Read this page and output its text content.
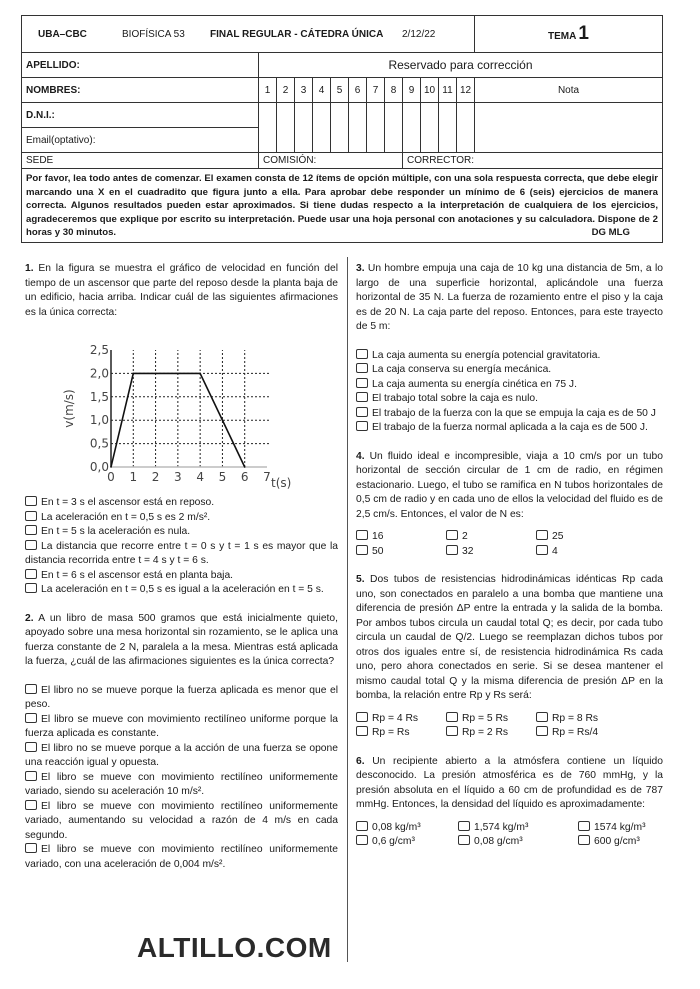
UBA–CBC BIOFÍSICA 53 FINAL REGULAR - CÁTEDRA ÚNICA 2/12/22													TEMA 1
APELLIDO:	Reservado para corrección												
NOMBRES:	1	2	3	4	5	6	7	8	9	10	11	12	Nota
D.N.I.:													
Email(optativo):													
SEDE	COMISIÓN:								CORRECTOR:				
Por favor, lea todo antes de comenzar. El examen consta de 12 ítems de opción múltiple, con una sola respuesta correcta, que debe elegir marcando una X en el cuadradito que figura junto a ella. Para aprobar debe responder un mínimo de 6 (seis) ejercicios de manera correcta. Algunos resultados pueden estar aproximados. Si tiene dudas respecto a la interpretación de cualquiera de los ejercicios, agradeceremos que explique por escrito su interpretación. Puede usar una hoja personal con anotaciones y su calculadora. Dispone de 2 horas y 30 minutos. DG MLG													

1. En la figura se muestra el gráfico de velocidad en función del tiempo de un ascensor que parte del reposo desde la planta baja de un edificio, hacia arriba. Indicar cuál de las siguientes afirmaciones es la única correcta:

En t = 3 s el ascensor está en reposo.

La aceleración en t = 0,5 s es 2 m/s².

En t = 5 s la aceleración es nula.

La distancia que recorre entre t = 0 s y t = 1 s es mayor que la distancia recorrida entre t = 4 s y t = 6 s.

En t = 6 s el ascensor está en planta baja.

La aceleración en t = 0,5 s es igual a la aceleración en t = 5 s.

2. A un libro de masa 500 gramos que está inicialmente quieto, apoyado sobre una mesa horizontal sin rozamiento, se le aplica una fuerza constante de 2 N, paralela a la mesa. Mientras está aplicada la fuerza, ¿cuál de las afirmaciones siguientes es la única correcta?

El libro no se mueve porque la fuerza aplicada es menor que el peso.

El libro se mueve con movimiento rectilíneo uniforme porque la fuerza aplicada es constante.

El libro no se mueve porque a la acción de una fuerza se opone una reacción igual y opuesta.

El libro se mueve con movimiento rectilíneo uniformemente variado, siendo su aceleración 10 m/s².

El libro se mueve con movimiento rectilíneo uniformemente variado, aumentando su velocidad a razón de 4 m/s en cada segundo.

El libro se mueve con movimiento rectilíneo uniformemente variado, con una aceleración de 0,004 m/s².

0 1 2 3 4 5 6 7
0,0
0,5
1,0
1,5
2,0
2,5
t(s)
v(m/s)

3. Un hombre empuja una caja de 10 kg una distancia de 5m, a lo largo de una superficie horizontal, aplicándole una fuerza horizontal de 35 N. La fuerza de rozamiento entre el piso y la caja es de 20 N. La caja parte del reposo. Entonces, para este trayecto de 5 m:

La caja aumenta su energía potencial gravitatoria.

La caja conserva su energía mecánica.

La caja aumenta su energía cinética en 75 J.

El trabajo total sobre la caja es nulo.

El trabajo de la fuerza con la que se empuja la caja es de 50 J

El trabajo de la fuerza normal aplicada a la caja es de 500 J.

4. Un fluido ideal e incompresible, viaja a 10 cm/s por un tubo horizontal de sección circular de 1 cm de radio, en régimen estacionario. Luego, el tubo se ramifica en N tubos horizontales de 0,5 cm de radio y en cada uno de ellos la velocidad del fluido es de 2,5 cm/s. Entonces, el valor de N es:

16	2	25

50	32	4

5. Dos tubos de resistencias hidrodinámicas idénticas Rp cada uno, son conectados en paralelo a una bomba que mantiene una diferencia de presión ΔP entre la entrada y la salida de la bomba. Por ambos tubos circula un caudal total Q; es decir, por cada tubo circula un caudal de Q/2. Luego se reemplazan dichos tubos por otros dos iguales entre sí, de resistencia hidrodinámica Rs cada uno, pero ahora conectados en serie. Si se desea mantener el mismo caudal total Q y la misma diferencia de presión ΔP en la bomba, la relación entre Rp y Rs será:

Rp = 4 Rs	Rp = 5 Rs	Rp = 8 Rs

Rp = Rs	Rp = 2 Rs	Rp = Rs/4

6. Un recipiente abierto a la atmósfera contiene un líquido desconocido. La presión atmosférica es de 760 mmHg, y la presión absoluta en el líquido a 60 cm de profundidad es de 787 mmHg. Entonces, la densidad del líquido es aproximadamente:

0,08 kg/m³	1,574 kg/m³	1574 kg/m³

0,6 g/cm³	0,08 g/cm³	600 g/cm³

ALTILLO.COM
